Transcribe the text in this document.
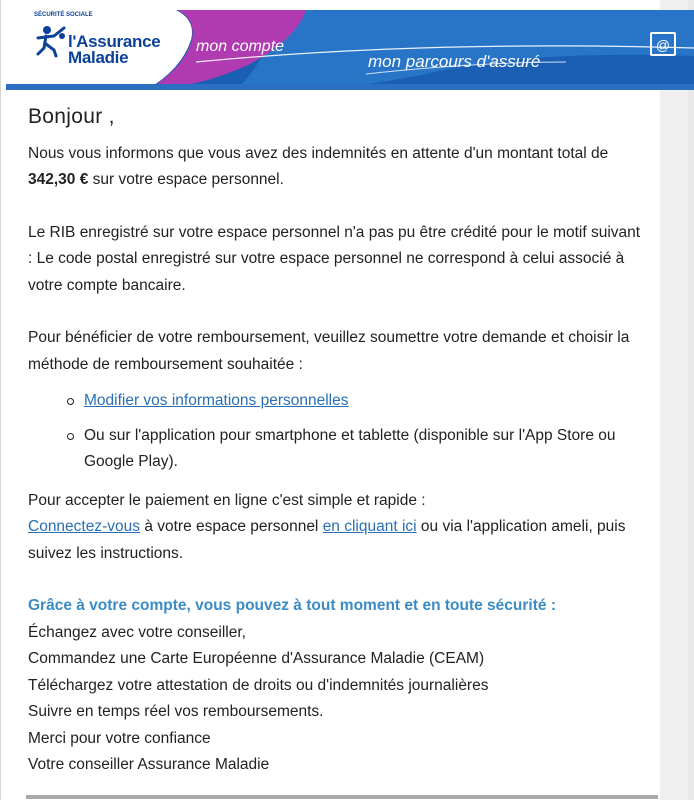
SÉCURITÉ SOCIALE
l'Assurance
Maladie
mon compte
mon parcours d'assuré
@
Bonjour ,

Nous vous informons que vous avez des indemnités en attente d'un montant total de 342,30 € sur votre espace personnel.

Le RIB enregistré sur votre espace personnel n'a pas pu être crédité pour le motif suivant : Le code postal enregistré sur votre espace personnel ne correspond à celui associé à votre compte bancaire.

Pour bénéficier de votre remboursement, veuillez soumettre votre demande et choisir la méthode de remboursement souhaitée :

Modifier vos informations personnelles
Ou sur l'application pour smartphone et tablette (disponible sur l'App Store ou Google Play).

Pour accepter le paiement en ligne c'est simple et rapide :

Connectez-vous à votre espace personnel en cliquant ici ou via l'application ameli, puis suivez les instructions.

Grâce à votre compte, vous pouvez à tout moment et en toute sécurité :

Échangez avec votre conseiller,

Commandez une Carte Européenne d'Assurance Maladie (CEAM)

Téléchargez votre attestation de droits ou d'indemnités journalières

Suivre en temps réel vos remboursements.

Merci pour votre confiance

Votre conseiller Assurance Maladie
